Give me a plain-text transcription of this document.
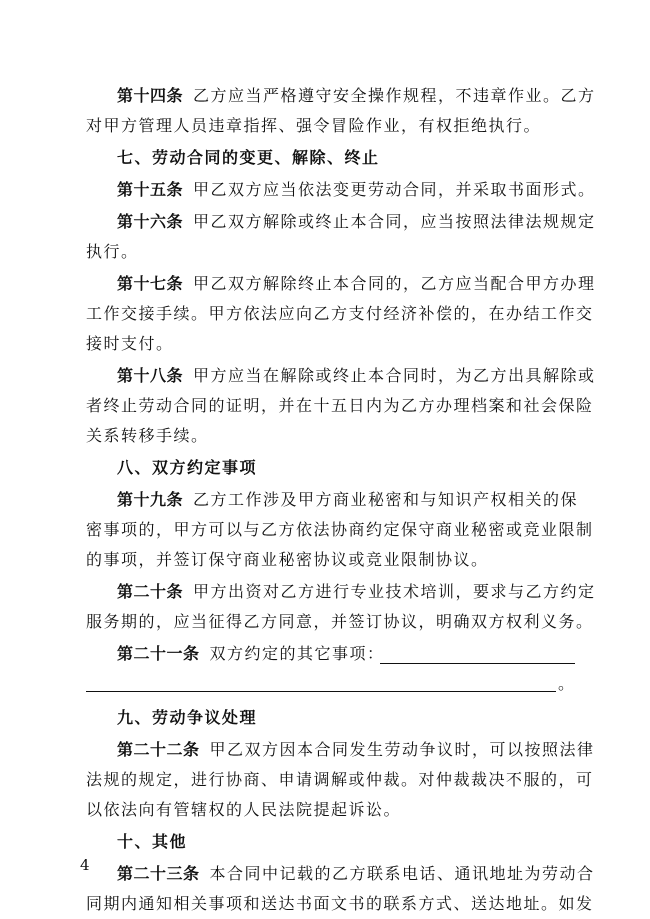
第十四条 乙方应当严格遵守安全操作规程，不违章作业。乙方
对甲方管理人员违章指挥、强令冒险作业，有权拒绝执行。
七、劳动合同的变更、解除、终止
第十五条 甲乙双方应当依法变更劳动合同，并采取书面形式。
第十六条 甲乙双方解除或终止本合同，应当按照法律法规规定
执行。
第十七条 甲乙双方解除终止本合同的，乙方应当配合甲方办理
工作交接手续。甲方依法应向乙方支付经济补偿的，在办结工作交
接时支付。
第十八条 甲方应当在解除或终止本合同时，为乙方出具解除或
者终止劳动合同的证明，并在十五日内为乙方办理档案和社会保险
关系转移手续。
八、双方约定事项
第十九条 乙方工作涉及甲方商业秘密和与知识产权相关的保
密事项的，甲方可以与乙方依法协商约定保守商业秘密或竞业限制
的事项，并签订保守商业秘密协议或竞业限制协议。
第二十条 甲方出资对乙方进行专业技术培训，要求与乙方约定
服务期的，应当征得乙方同意，并签订协议，明确双方权利义务。
第二十一条 双方约定的其它事项：
。
九、劳动争议处理
第二十二条 甲乙双方因本合同发生劳动争议时，可以按照法律
法规的规定，进行协商、申请调解或仲裁。对仲裁裁决不服的，可
以依法向有管辖权的人民法院提起诉讼。
十、其他
第二十三条 本合同中记载的乙方联系电话、通讯地址为劳动合
同期内通知相关事项和送达书面文书的联系方式、送达地址。如发
4
